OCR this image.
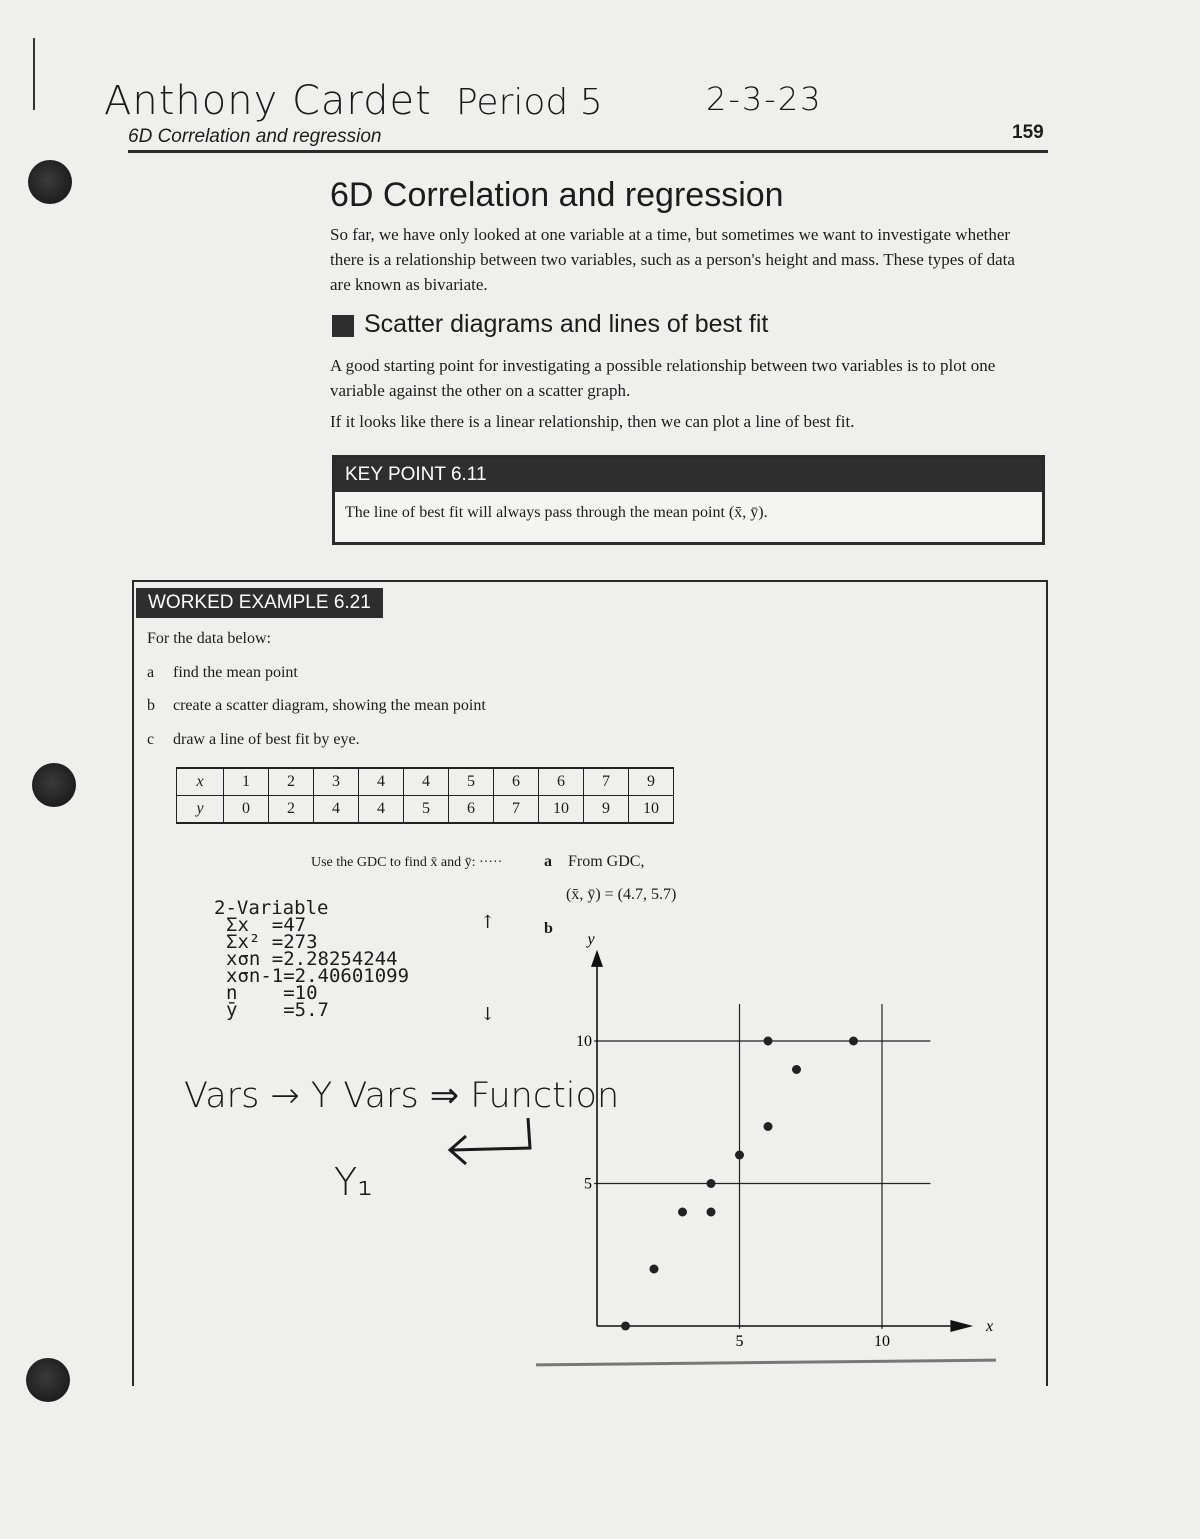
Anthony Cardet Period 5	2-3-23
6D Correlation and regression	159
6D Correlation and regression
So far, we have only looked at one variable at a time, but sometimes we want to investigate whether there is a relationship between two variables, such as a person's height and mass. These types of data are known as bivariate.
Scatter diagrams and lines of best fit
A good starting point for investigating a possible relationship between two variables is to plot one variable against the other on a scatter graph.
If it looks like there is a linear relationship, then we can plot a line of best fit.
KEY POINT 6.11
The line of best fit will always pass through the mean point (x̄, ȳ).
WORKED EXAMPLE 6.21
For the data below:
a find the mean point
b create a scatter diagram, showing the mean point
c draw a line of best fit by eye.
x	1	2	3	4	4	5	6	6	7	9
y	0	2	4	4	5	6	7	10	9	10
Use the GDC to find x̄ and ȳ: ·····	a From GDC,
(x̄, ȳ) = (4.7, 5.7)
b
2-Variable
Σx  =47
Σx² =273
xσn =2.28254244
xσn-1=2.40601099
n    =10
ȳ    =5.7
↑
↓
Vars → Y Vars ⇒ Function
Y₁
x
y
5	10
5
10
